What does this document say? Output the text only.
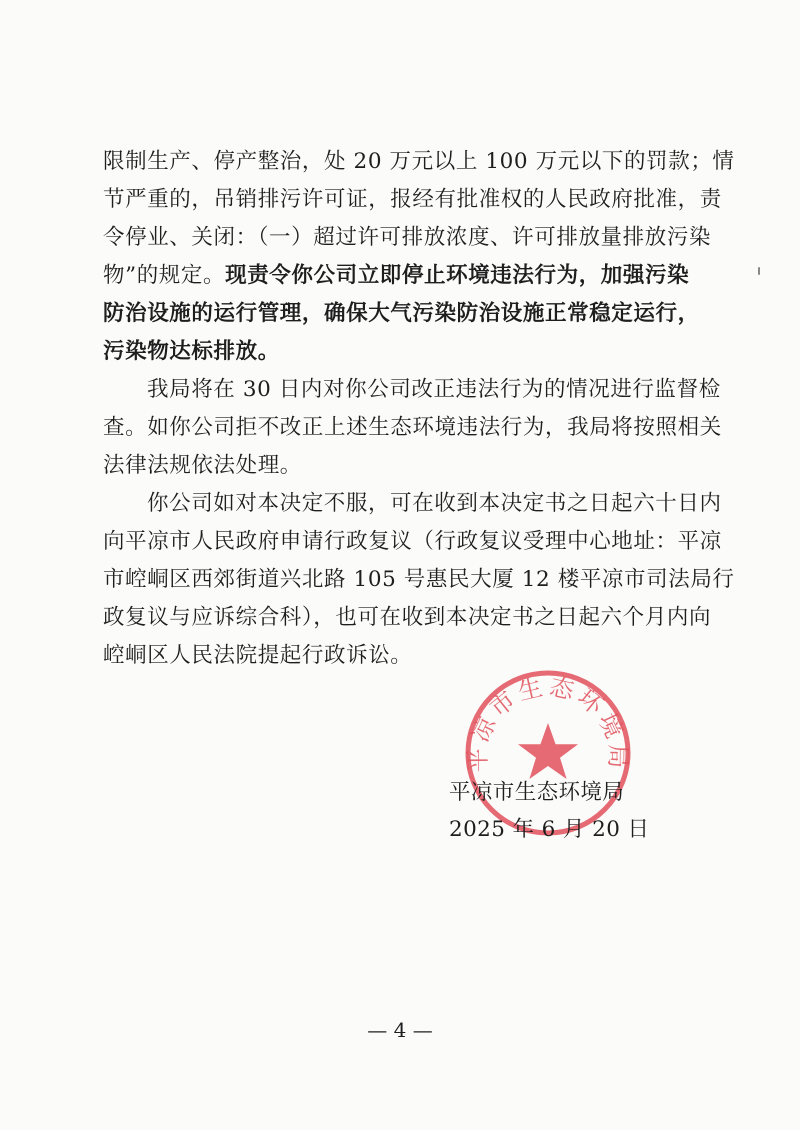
限制生产、停产整治，处 20 万元以上 100 万元以下的罚款；情
节严重的，吊销排污许可证，报经有批准权的人民政府批准，责
令停业、关闭：（一）超过许可排放浓度、许可排放量排放污染
物”的规定。现责令你公司立即停止环境违法行为，加强污染
防治设施的运行管理，确保大气污染防治设施正常稳定运行，
污染物达标排放。
我局将在 30 日内对你公司改正违法行为的情况进行监督检
查。如你公司拒不改正上述生态环境违法行为，我局将按照相关
法律法规依法处理。
你公司如对本决定不服，可在收到本决定书之日起六十日内
向平凉市人民政府申请行政复议（行政复议受理中心地址：平凉
市崆峒区西郊街道兴北路 105 号惠民大厦 12 楼平凉市司法局行
政复议与应诉综合科），也可在收到本决定书之日起六个月内向
崆峒区人民法院提起行政诉讼。
平凉市生态环境局
平凉市生态环境局
2025 年 6 月 20 日
— 4 —
